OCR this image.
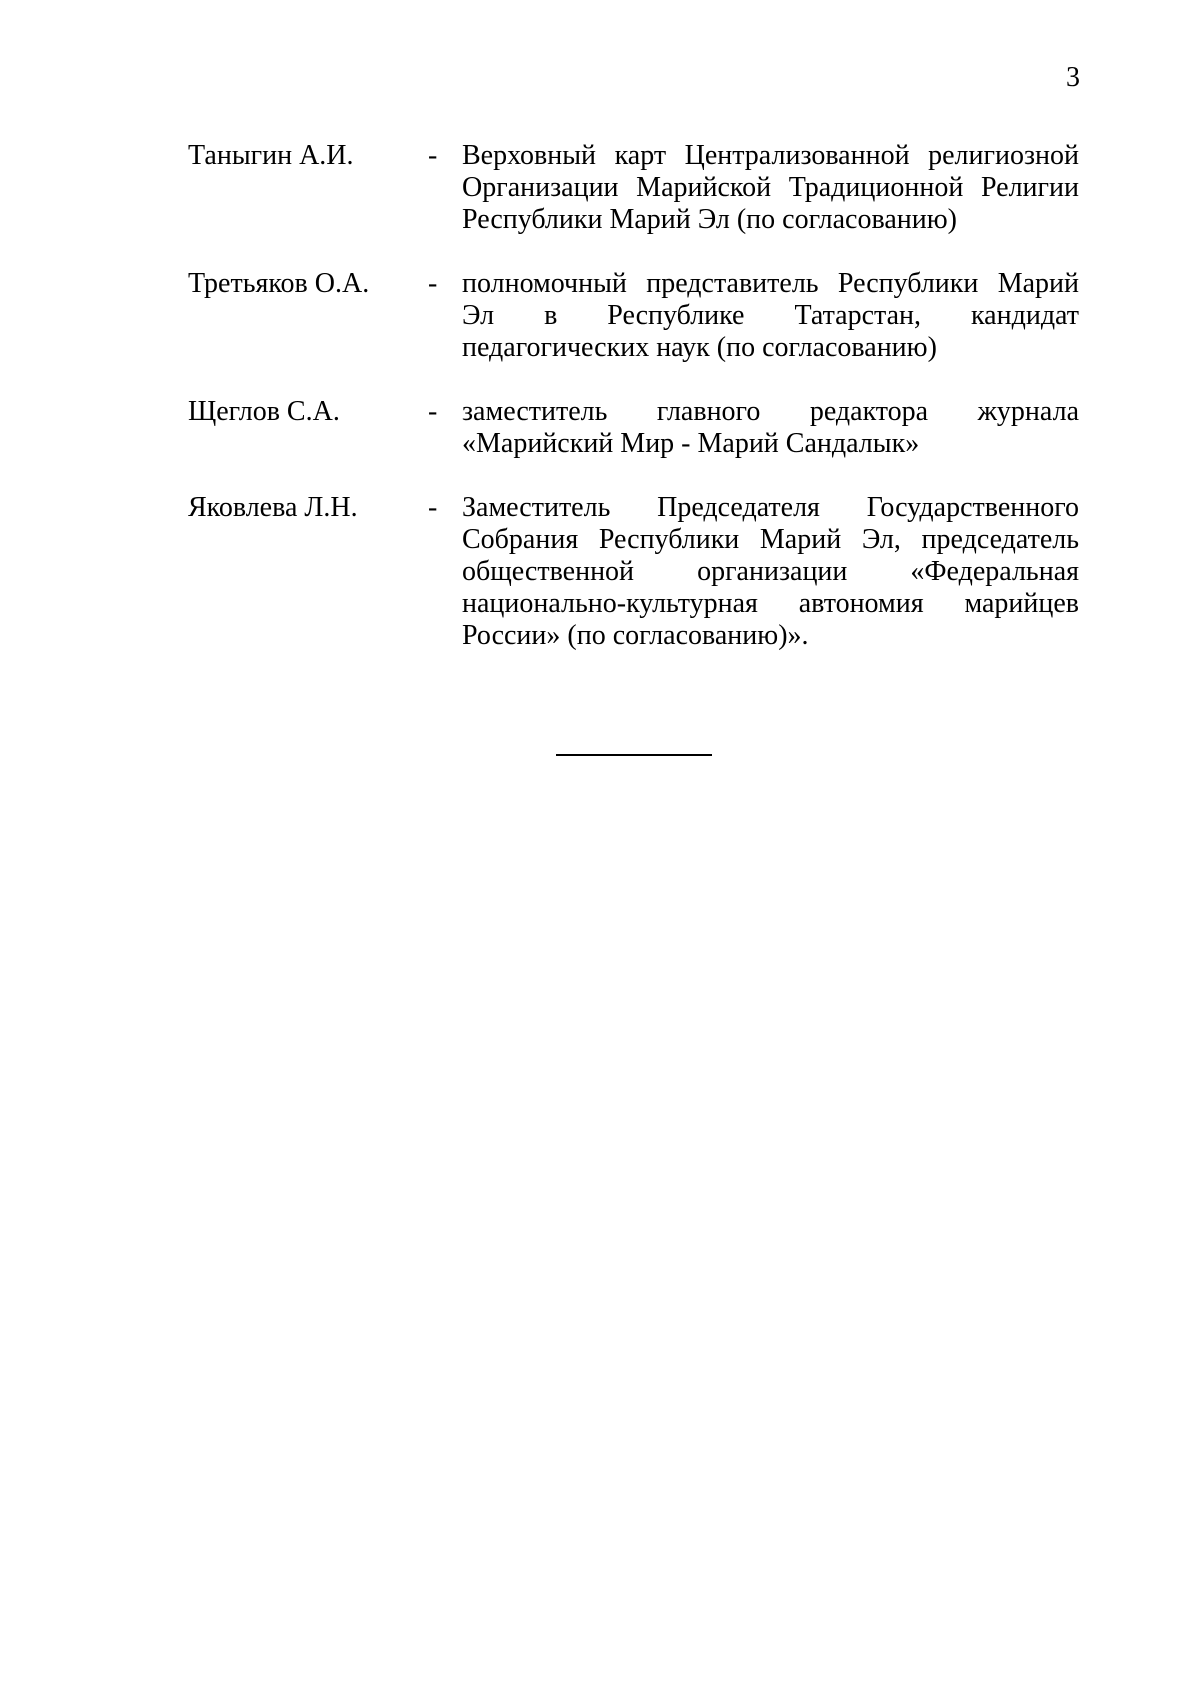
3
Таныгин А.И.	- Верховный карт Централизованной религиозной Организации Марийской Традиционной Религии Республики Марий Эл (по согласованию)
Третьяков О.А.	- полномочный представитель Республики Марий Эл в Республике Татарстан, кандидат педагогических наук (по согласованию)
Щеглов С.А.	- заместитель главного редактора журнала «Марийский Мир - Марий Сандалык»
Яковлева Л.Н.	- Заместитель Председателя Государственного Собрания Республики Марий Эл, председатель общественной организации «Федеральная национально-культурная автономия марийцев России» (по согласованию)».
